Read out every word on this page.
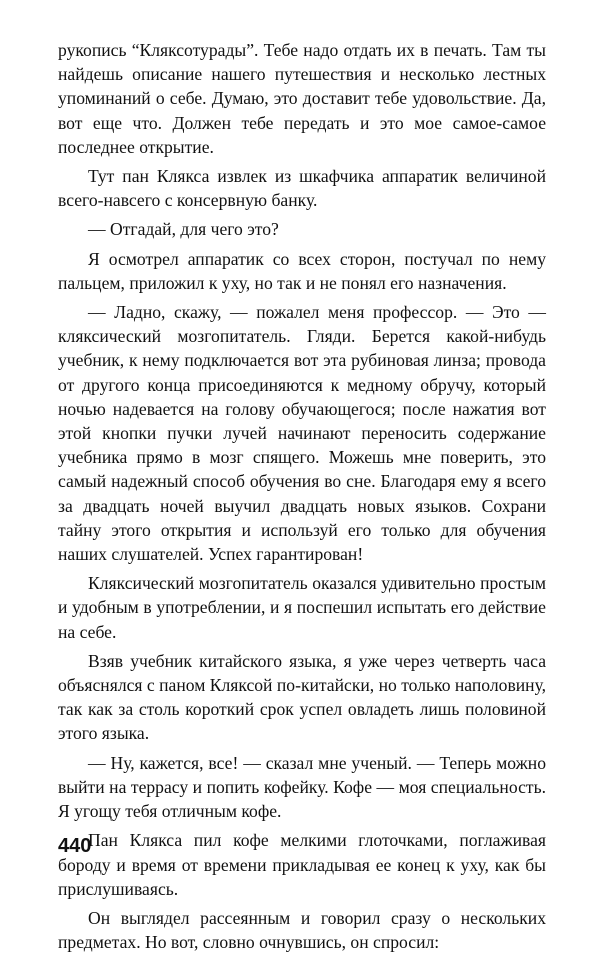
рукопись “Кляксотурады”. Тебе надо отдать их в печать. Там ты найдешь описание нашего путешествия и несколько лестных упоминаний о себе. Думаю, это доставит тебе удовольствие. Да, вот еще что. Должен тебе передать и это мое самое-самое последнее открытие.

Тут пан Клякса извлек из шкафчика аппаратик величиной всего-навсего с консервную банку.

— Отгадай, для чего это?

Я осмотрел аппаратик со всех сторон, постучал по нему пальцем, приложил к уху, но так и не понял его назначения.

— Ладно, скажу, — пожалел меня профессор. — Это — кляксический мозгопитатель. Гляди. Берется какой-нибудь учебник, к нему подключается вот эта рубиновая линза; провода от другого конца присоединяются к медному обручу, который ночью надевается на голову обучающегося; после нажатия вот этой кнопки пучки лучей начинают переносить содержание учебника прямо в мозг спящего. Можешь мне поверить, это самый надежный способ обучения во сне. Благодаря ему я всего за двадцать ночей выучил двадцать новых языков. Сохрани тайну этого открытия и используй его только для обучения наших слушателей. Успех гарантирован!

Кляксический мозгопитатель оказался удивительно простым и удобным в употреблении, и я поспешил испытать его действие на себе.

Взяв учебник китайского языка, я уже через четверть часа объяснялся с паном Кляксой по-китайски, но только наполовину, так как за столь короткий срок успел овладеть лишь половиной этого языка.

— Ну, кажется, все! — сказал мне ученый. — Теперь можно выйти на террасу и попить кофейку. Кофе — моя специальность. Я угощу тебя отличным кофе.

Пан Клякса пил кофе мелкими глоточками, поглаживая бороду и время от времени прикладывая ее конец к уху, как бы прислушиваясь.

Он выглядел рассеянным и говорил сразу о нескольких предметах. Но вот, словно очнувшись, он спросил:

440
